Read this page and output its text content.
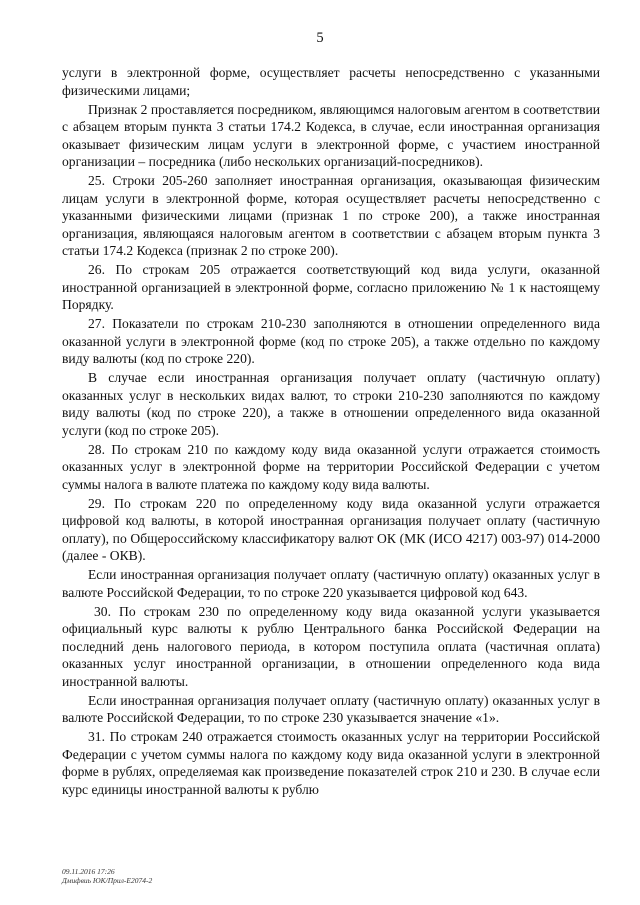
5

услуги в электронной форме, осуществляет расчеты непосредственно с указанными физическими лицами;

Признак 2 проставляется посредником, являющимся налоговым агентом в соответствии с абзацем вторым пункта 3 статьи 174.2 Кодекса, в случае, если иностранная организация оказывает физическим лицам услуги в электронной форме, с участием иностранной организации – посредника (либо нескольких организаций-посредников).

25. Строки 205-260 заполняет иностранная организация, оказывающая физическим лицам услуги в электронной форме, которая осуществляет расчеты непосредственно с указанными физическими лицами (признак 1 по строке 200), а также иностранная организация, являющаяся налоговым агентом в соответствии с абзацем вторым пункта 3 статьи 174.2 Кодекса (признак 2 по строке 200).

26. По строкам 205 отражается соответствующий код вида услуги, оказанной иностранной организацией в электронной форме, согласно приложению № 1 к настоящему Порядку.

27. Показатели по строкам 210-230 заполняются в отношении определенного вида оказанной услуги в электронной форме (код по строке 205), а также отдельно по каждому виду валюты (код по строке 220).

В случае если иностранная организация получает оплату (частичную оплату) оказанных услуг в нескольких видах валют, то строки 210-230 заполняются по каждому виду валюты (код по строке 220), а также в отношении определенного вида оказанной услуги (код по строке 205).

28. По строкам 210 по каждому коду вида оказанной услуги отражается стоимость оказанных услуг в электронной форме на территории Российской Федерации с учетом суммы налога в валюте платежа по каждому коду вида валюты.

29. По строкам 220 по определенному коду вида оказанной услуги отражается цифровой код валюты, в которой иностранная организация получает оплату (частичную оплату), по Общероссийскому классификатору валют ОК (МК (ИСО 4217) 003-97) 014-2000 (далее - ОКВ).

Если иностранная организация получает оплату (частичную оплату) оказанных услуг в валюте Российской Федерации, то по строке 220 указывается цифровой код 643.

30. По строкам 230 по определенному коду вида оказанной услуги указывается официальный курс валюты к рублю Центрального банка Российской Федерации на последний день налогового периода, в котором поступила оплата (частичная оплата) оказанных услуг иностранной организации, в отношении определенного кода вида иностранной валюты.

Если иностранная организация получает оплату (частичную оплату) оказанных услуг в валюте Российской Федерации, то по строке 230 указывается значение «1».

31. По строкам 240 отражается стоимость оказанных услуг на территории Российской Федерации с учетом суммы налога по каждому коду вида оказанной услуги в электронной форме в рублях, определяемая как произведение показателей строк 210 и 230. В случае если курс единицы иностранной валюты к рублю

09.11.2016 17:26
Дмифвиь ЮК/Прил-Е2074-2
